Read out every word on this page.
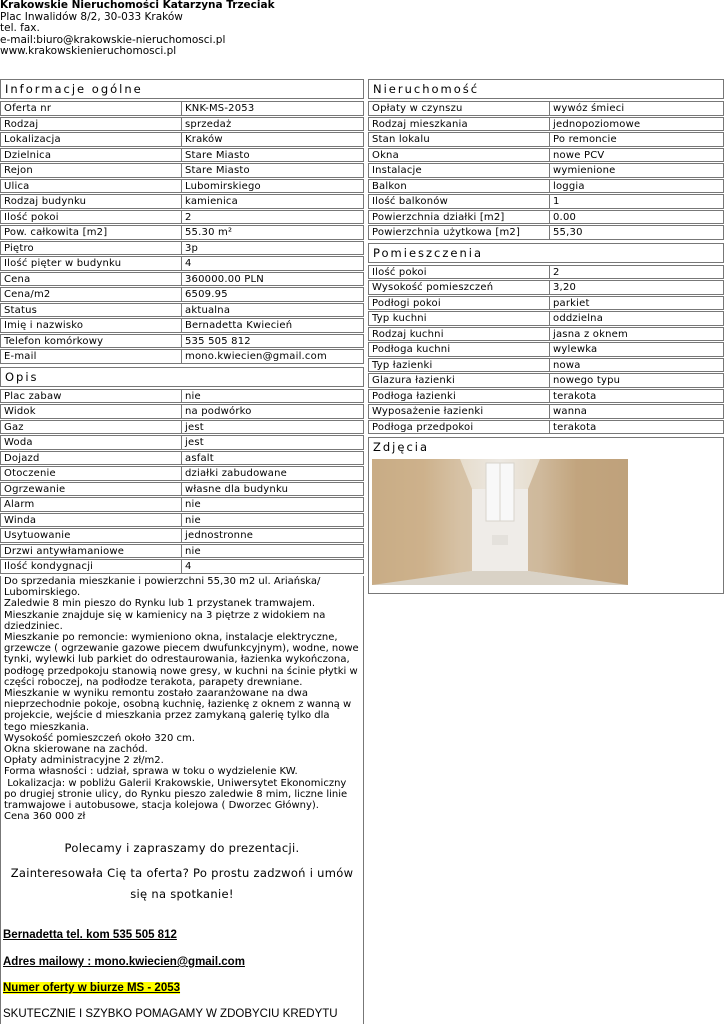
Krakowskie Nieruchomości Katarzyna Trzeciak
Plac Inwalidów 8/2, 30-033 Kraków
tel. fax.
e-mail:biuro@krakowskie-nieruchomosci.pl
www.krakowskienieruchomosci.pl
Informacje ogólne
Oferta nr	KNK-MS-2053
Rodzaj	sprzedaż
Lokalizacja	Kraków
Dzielnica	Stare Miasto
Rejon	Stare Miasto
Ulica	Lubomirskiego
Rodzaj budynku	kamienica
Ilość pokoi	2
Pow. całkowita [m2]	55.30 m²
Piętro	3p
Ilość pięter w budynku	4
Cena	360000.00 PLN
Cena/m2	6509.95
Status	aktualna
Imię i nazwisko	Bernadetta Kwiecień
Telefon komórkowy	535 505 812
E-mail	mono.kwiecien@gmail.com
Opis
Plac zabaw	nie
Widok	na podwórko
Gaz	jest
Woda	jest
Dojazd	asfalt
Otoczenie	działki zabudowane
Ogrzewanie	własne dla budynku
Alarm	nie
Winda	nie
Usytuowanie	jednostronne
Drzwi antywłamaniowe	nie
Ilość kondygnacji	4

Do sprzedania mieszkanie i powierzchni 55,30 m2 ul. Ariańska/
Lubomirskiego.
Zaledwie 8 min pieszo do Rynku lub 1 przystanek tramwajem.
Mieszkanie znajduje się w kamienicy na 3 piętrze z widokiem na
dziedziniec.
Mieszkanie po remoncie: wymieniono okna, instalacje elektryczne,
grzewcze ( ogrzewanie gazowe piecem dwufunkcyjnym), wodne, nowe
tynki, wylewki lub parkiet do odrestaurowania, łazienka wykończona,
podłogę przedpokoju stanowią nowe gresy, w kuchni na ścinie płytki w
części roboczej, na podłodze terakota, parapety drewniane.
Mieszkanie w wyniku remontu zostało zaaranżowane na dwa
nieprzechodnie pokoje, osobną kuchnię, łazienkę z oknem z wanną w
projekcie, wejście d mieszkania przez zamykaną galerię tylko dla
tego mieszkania.
Wysokość pomieszczeń około 320 cm.
Okna skierowane na zachód.
Opłaty administracyjne 2 zł/m2.
Forma własności : udział, sprawa w toku o wydzielenie KW.
Lokalizacja: w pobliżu Galerii Krakowskie, Uniwersytet Ekonomiczny
po drugiej stronie ulicy, do Rynku pieszo zaledwie 8 mim, liczne linie
tramwajowe i autobusowe, stacja kolejowa ( Dworzec Główny).
Cena 360 000 zł

Polecamy i zapraszamy do prezentacji.
Zainteresowała Cię ta oferta? Po prostu zadzwoń i umów się na spotkanie!
Bernadetta tel. kom 535 505 812
Adres mailowy : mono.kwiecien@gmail.com
Numer oferty w biurze MS - 2053
SKUTECZNIE I SZYBKO POMAGAMY W ZDOBYCIU KREDYTU
Nieruchomość
Opłaty w czynszu	wywóz śmieci
Rodzaj mieszkania	jednopoziomowe
Stan lokalu	Po remoncie
Okna	nowe PCV
Instalacje	wymienione
Balkon	loggia
Ilość balkonów	1
Powierzchnia działki [m2]	0.00
Powierzchnia użytkowa [m2]	55,30
Pomieszczenia
Ilość pokoi	2
Wysokość pomieszczeń	3,20
Podłogi pokoi	parkiet
Typ kuchni	oddzielna
Rodzaj kuchni	jasna z oknem
Podłoga kuchni	wylewka
Typ łazienki	nowa
Glazura łazienki	nowego typu
Podłoga łazienki	terakota
Wyposażenie łazienki	wanna
Podłoga przedpokoi	terakota
Zdjęcia
